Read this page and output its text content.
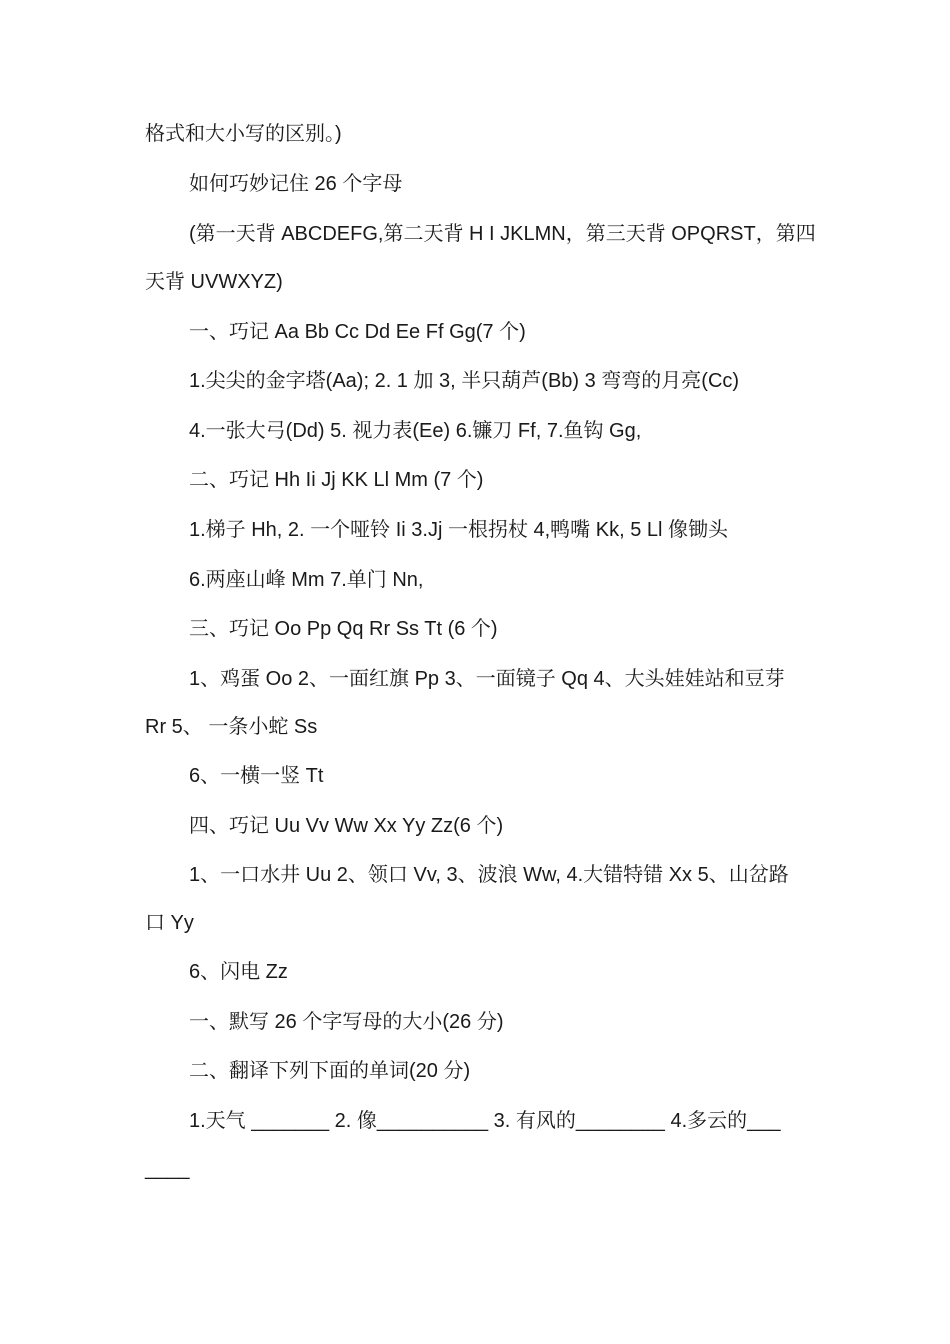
格式和大小写的区别。)
如何巧妙记住 26 个字母
(第一天背 ABCDEFG,第二天背 H I JKLMN，第三天背 OPQRST，第四
天背 UVWXYZ)
一、巧记 Aa Bb Cc Dd Ee Ff Gg(7 个)
1.尖尖的金字塔(Aa); 2. 1 加 3, 半只葫芦(Bb) 3 弯弯的月亮(Cc)
4.一张大弓(Dd) 5. 视力表(Ee) 6.镰刀 Ff, 7.鱼钩 Gg,
二、巧记 Hh Ii Jj KK Ll Mm (7 个)
1.梯子 Hh, 2. 一个哑铃 Ii 3.Jj 一根拐杖 4,鸭嘴 Kk, 5 Ll 像锄头
6.两座山峰 Mm 7.单门 Nn,
三、巧记 Oo Pp Qq Rr Ss Tt (6 个)
1、鸡蛋 Oo 2、一面红旗 Pp 3、一面镜子 Qq 4、大头娃娃站和豆芽
Rr 5、 一条小蛇 Ss
6、一横一竖 Tt
四、巧记 Uu Vv Ww Xx Yy Zz(6 个)
1、一口水井 Uu 2、领口 Vv, 3、波浪 Ww, 4.大错特错 Xx 5、山岔路
口 Yy
6、闪电 Zz
一、默写 26 个字写母的大小(26 分)
二、翻译下列下面的单词(20 分)
1.天气 _______ 2. 像__________ 3. 有风的________ 4.多云的___
____
